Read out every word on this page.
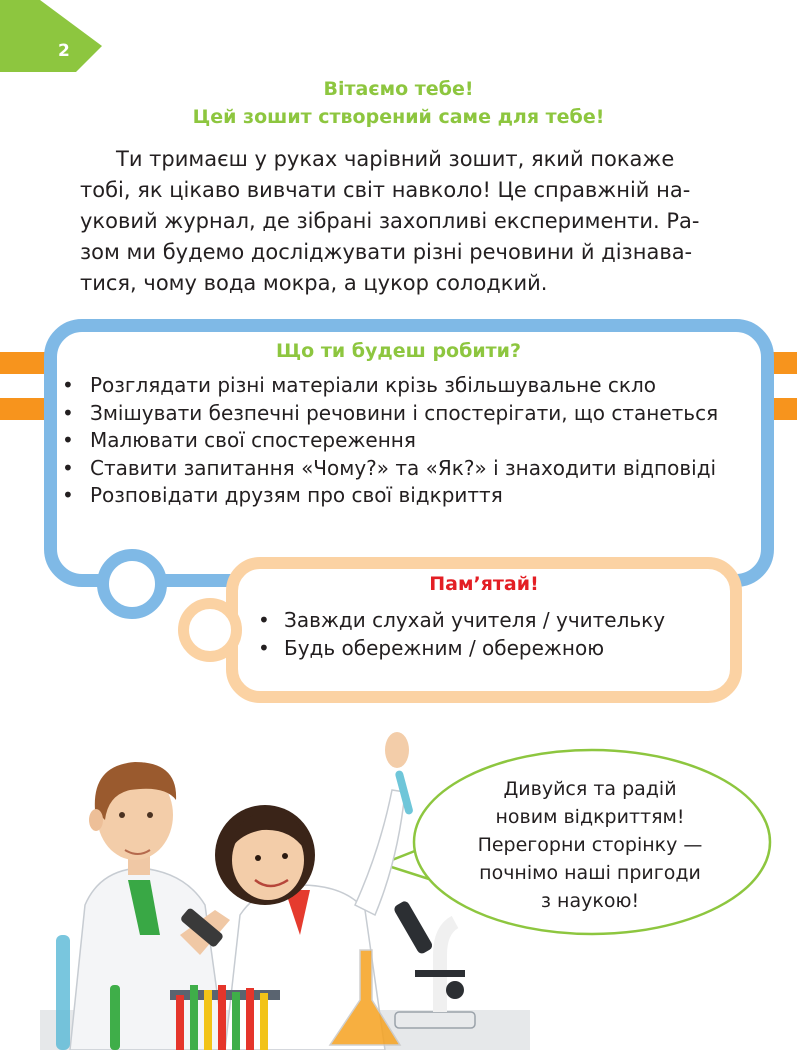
2
Вітаємо тебе!
Цей зошит створений саме для тебе!
Ти тримаєш у руках чарівний зошит, який покаже
тобі, як цікаво вивчати світ навколо! Це справжній на-
уковий журнал, де зібрані захопливі експерименти. Ра-
зом ми будемо досліджувати різні речовини й дізнава-
тися, чому вода мокра, а цукор солодкий.
Що ти будеш робити?
• Розглядати різні матеріали крізь збільшувальне скло
• Змішувати безпечні речовини і спостерігати, що станеться
• Малювати свої спостереження
• Ставити запитання «Чому?» та «Як?» і знаходити відповіді
• Розповідати друзям про свої відкриття
Пам’ятай!
• Завжди слухай учителя / учительку
• Будь обережним / обережною
Дивуйся та радій
новим відкриттям!
Перегорни сторінку —
почнімо наші пригоди
з наукою!
